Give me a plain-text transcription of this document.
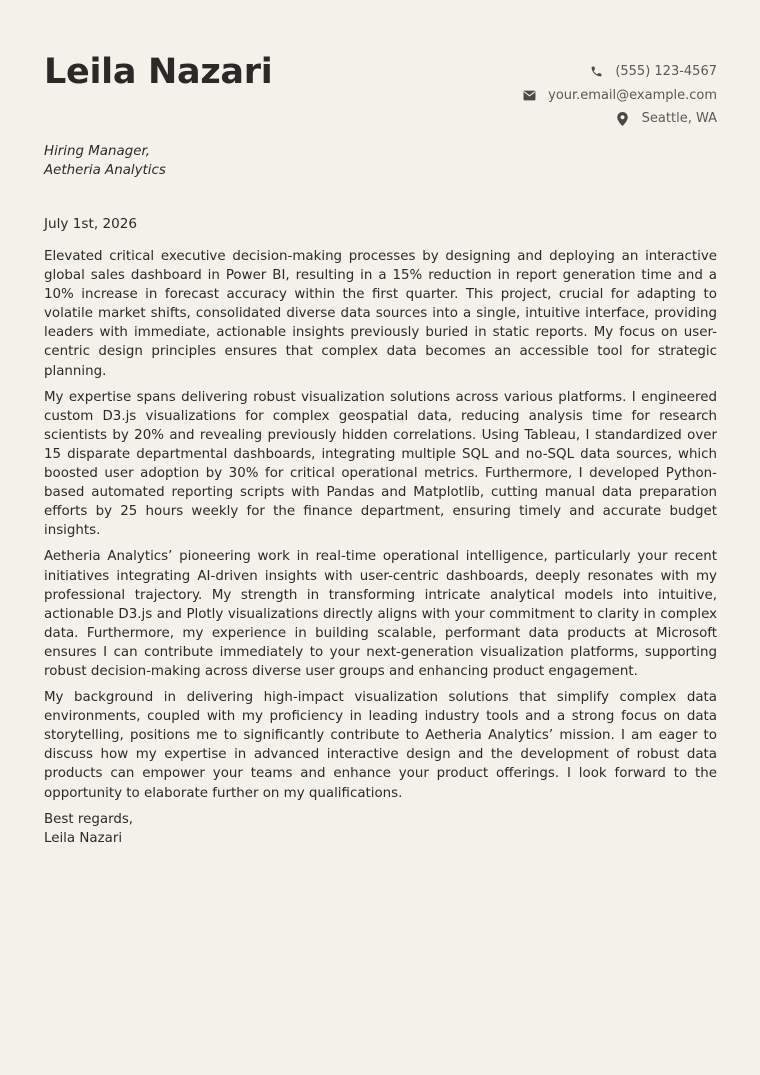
Leila Nazari	(555) 123-4567
your.email@example.com
Seattle, WA
Hiring Manager,
Aetheria Analytics
July 1st, 2026

Elevated critical executive decision-making processes by designing and deploying an interactive global sales dashboard in Power BI, resulting in a 15% reduction in report generation time and a 10% increase in forecast accuracy within the first quarter. This project, crucial for adapting to volatile market shifts, consolidated diverse data sources into a single, intuitive interface, providing leaders with immediate, actionable insights previously buried in static reports. My focus on user-centric design principles ensures that complex data becomes an accessible tool for strategic planning.

My expertise spans delivering robust visualization solutions across various platforms. I engineered custom D3.js visualizations for complex geospatial data, reducing analysis time for research scientists by 20% and revealing previously hidden correlations. Using Tableau, I standardized over 15 disparate departmental dashboards, integrating multiple SQL and no-SQL data sources, which boosted user adoption by 30% for critical operational metrics. Furthermore, I developed Python-based automated reporting scripts with Pandas and Matplotlib, cutting manual data preparation efforts by 25 hours weekly for the finance department, ensuring timely and accurate budget insights.

Aetheria Analytics’ pioneering work in real-time operational intelligence, particularly your recent initiatives integrating AI-driven insights with user-centric dashboards, deeply resonates with my professional trajectory. My strength in transforming intricate analytical models into intuitive, actionable D3.js and Plotly visualizations directly aligns with your commitment to clarity in complex data. Furthermore, my experience in building scalable, performant data products at Microsoft ensures I can contribute immediately to your next-generation visualization platforms, supporting robust decision-making across diverse user groups and enhancing product engagement.

My background in delivering high-impact visualization solutions that simplify complex data environments, coupled with my proficiency in leading industry tools and a strong focus on data storytelling, positions me to significantly contribute to Aetheria Analytics’ mission. I am eager to discuss how my expertise in advanced interactive design and the development of robust data products can empower your teams and enhance your product offerings. I look forward to the opportunity to elaborate further on my qualifications.

Best regards,
Leila Nazari
